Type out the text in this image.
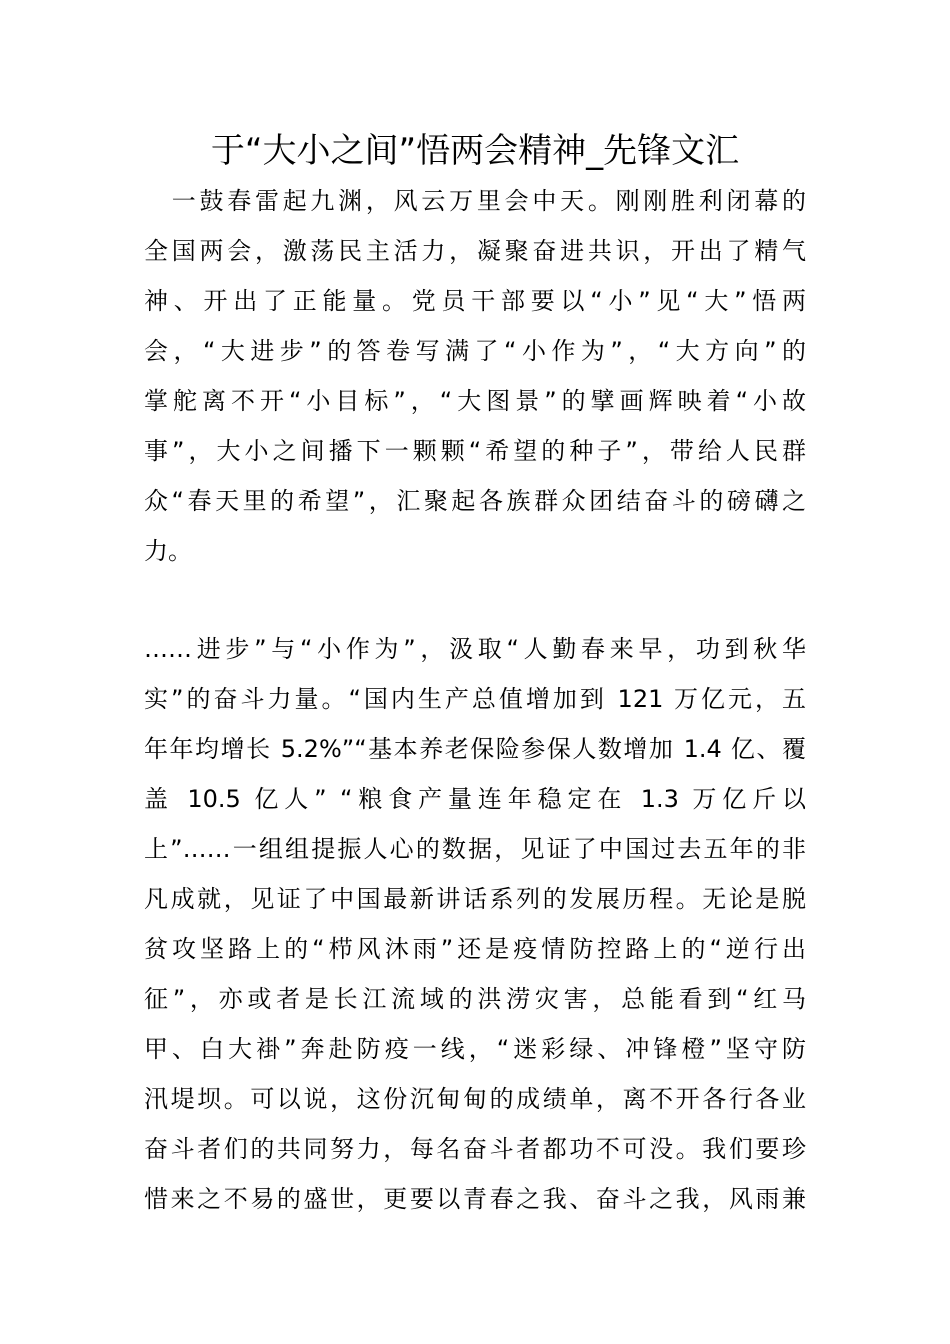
于“大小之间”悟两会精神_先锋文汇
　一鼓春雷起九渊，风云万里会中天。刚刚胜利闭幕的
全国两会，激荡民主活力，凝聚奋进共识，开出了精气
神、开出了正能量。党员干部要以“小”见“大”悟两
会，“大进步”的答卷写满了“小作为”，“大方向”的
掌舵离不开“小目标”，“大图景”的擘画辉映着“小故
事”，大小之间播下一颗颗“希望的种子”，带给人民群
众“春天里的希望”，汇聚起各族群众团结奋斗的磅礴之
力。
……进步”与“小作为”，汲取“人勤春来早，功到秋华
实”的奋斗力量。“国内生产总值增加到 121 万亿元，五
年年均增长 5.2%”“基本养老保险参保人数增加 1.4 亿、覆
盖 10.5 亿人” “粮食产量连年稳定在 1.3 万亿斤以
上”……一组组提振人心的数据，见证了中国过去五年的非
凡成就，见证了中国最新讲话系列的发展历程。无论是脱
贫攻坚路上的“栉风沐雨”还是疫情防控路上的“逆行出
征”，亦或者是长江流域的洪涝灾害，总能看到“红马
甲、白大褂”奔赴防疫一线，“迷彩绿、冲锋橙”坚守防
汛堤坝。可以说，这份沉甸甸的成绩单，离不开各行各业
奋斗者们的共同努力，每名奋斗者都功不可没。我们要珍
惜来之不易的盛世，更要以青春之我、奋斗之我，风雨兼
